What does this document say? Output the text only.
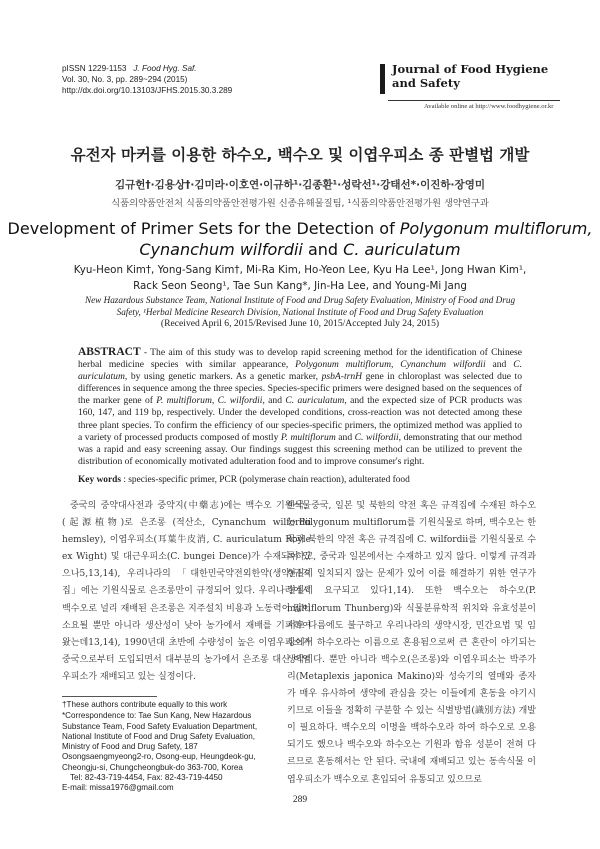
pISSN 1229-1153 J. Food Hyg. Saf.
Vol. 30, No. 3, pp. 289~294 (2015)
http://dx.doi.org/10.13103/JFHS.2015.30.3.289
Journal of Food Hygiene
and Safety
Available online at http://www.foodhygiene.or.kr
유전자 마커를 이용한 하수오, 백수오 및 이엽우피소 종 판별법 개발
김규헌†·김용상†·김미라·이호연·이규하¹·김종환¹·성락선¹·강태선*·이진하·장영미
식품의약품안전처 식품의약품안전평가원 신종유해물질팀, ¹식품의약품안전평가원 생약연구과
Development of Primer Sets for the Detection of Polygonum multiflorum,
Cynanchum wilfordii and C. auriculatum
Kyu-Heon Kim†, Yong-Sang Kim†, Mi-Ra Kim, Ho-Yeon Lee, Kyu Ha Lee¹, Jong Hwan Kim¹,
Rack Seon Seong¹, Tae Sun Kang*, Jin-Ha Lee, and Young-Mi Jang
New Hazardous Substance Team, National Institute of Food and Drug Safety Evaluation, Ministry of Food and Drug
Safety, ¹Herbal Medicine Research Division, National Institute of Food and Drug Safety Evaluation
(Received April 6, 2015/Revised June 10, 2015/Accepted July 24, 2015)
ABSTRACT - The aim of this study was to develop rapid screening method for the identification of Chinese herbal medicine species with similar appearance, Polygonum multiflorum, Cynanchum wilfordii and C. auriculatum, by using genetic markers. As a genetic marker, psbA-trnH gene in chloroplast was selected due to differences in sequence among the three species. Species-specific primers were designed based on the sequences of the marker gene of P. multiflorum, C. wilfordii, and C. auriculatum, and the expected size of PCR products was 160, 147, and 119 bp, respectively. Under the developed conditions, cross-reaction was not detected among these three plant species. To confirm the efficiency of our species-specific primers, the optimized method was applied to a variety of processed products composed of mostly P. multiflorum and C. wilfordii, demonstrating that our method was a rapid and easy screening assay. Our findings suggest this screening method can be utilized to prevent the distribution of economically motivated adulteration food and to improve consumer's right.
Key words : species-specific primer, PCR (polymerase chain reaction), adulterated food

중국의 중약대사전과 중약지(中藥志)에는 백수오 기원식물(起源植物)로 은조롱 (적산소, Cynanchum wilfordii hemsley), 이엽우피소(耳葉牛皮消, C. auriculatum Royle ex Wight) 및 대근우피소(C. bungei Dence)가 수재되어 있으나5,13,14), 우리나라의 「대한민국약전외한약(생약)규격집」에는 기원식물로 은조롱만이 규정되어 있다. 우리나라에서 백수오로 널리 재배된 은조롱은 지주설치 비용과 노동력이 많이 소요될 뿐만 아니라 생산성이 낮아 농가에서 재배를 기피하여 왔는데13,14), 1990년대 초반에 수량성이 높은 이엽우피소가 중국으로부터 도입되면서 대부분의 농가에서 은조롱 대신 이엽우피소가 재배되고 있는 실정이다.

한국, 중국, 일본 및 북한의 약전 혹은 규격집에 수재된 하수오는 Polygonum multiflorum를 기원식물로 하며, 백수오는 한국과 북한의 약전 혹은 규격집에 C. wilfordii를 기원식물로 수록하고, 중국과 일본에서는 수재하고 있지 않다. 이렇게 규격과 현실이 일치되지 않는 문제가 있어 이를 해결하기 위한 연구가 절실히 요구되고 있다1,14). 또한 백수오는 하수오(P. multiflorum Thunberg)와 식물분류학적 위치와 유효성분이 서로 다름에도 불구하고 우리나라의 생약시장, 민간요법 및 임상에서 하수오라는 이름으로 혼용됨으로써 큰 혼란이 야기되는 생약이다. 뿐만 아니라 백수오(은조롱)와 이엽우피소는 박주가리(Metaplexis japonica Makino)와 성숙기의 열매와 종자가 매우 유사하여 생약에 관심을 갖는 이들에게 혼동을 야기시키므로 이들을 정확히 구분할 수 있는 식별방법(識別方法) 개발이 필요하다. 백수오의 이명을 백하수오라 하여 하수오로 오용되기도 했으나 백수오와 하수오는 기원과 함유 성분이 전혀 다르므로 혼동해서는 안 된다. 국내에 재배되고 있는 동속식물 이엽우피소가 백수오로 혼입되어 유통되고 있으므로

†These authors contribute equally to this work

*Correspondence to: Tae Sun Kang, New Hazardous Substance Team, Food Safety Evaluation Department, National Institute of Food and Drug Safety Evaluation, Ministry of Food and Drug Safety, 187 Osongsaengmyeong2-ro, Osong-eup, Heungdeok-gu, Cheongju-si, Chungcheongbuk-do 363-700, Korea

Tel: 82-43-719-4454, Fax: 82-43-719-4450

E-mail: missa1976@gmail.com

289
